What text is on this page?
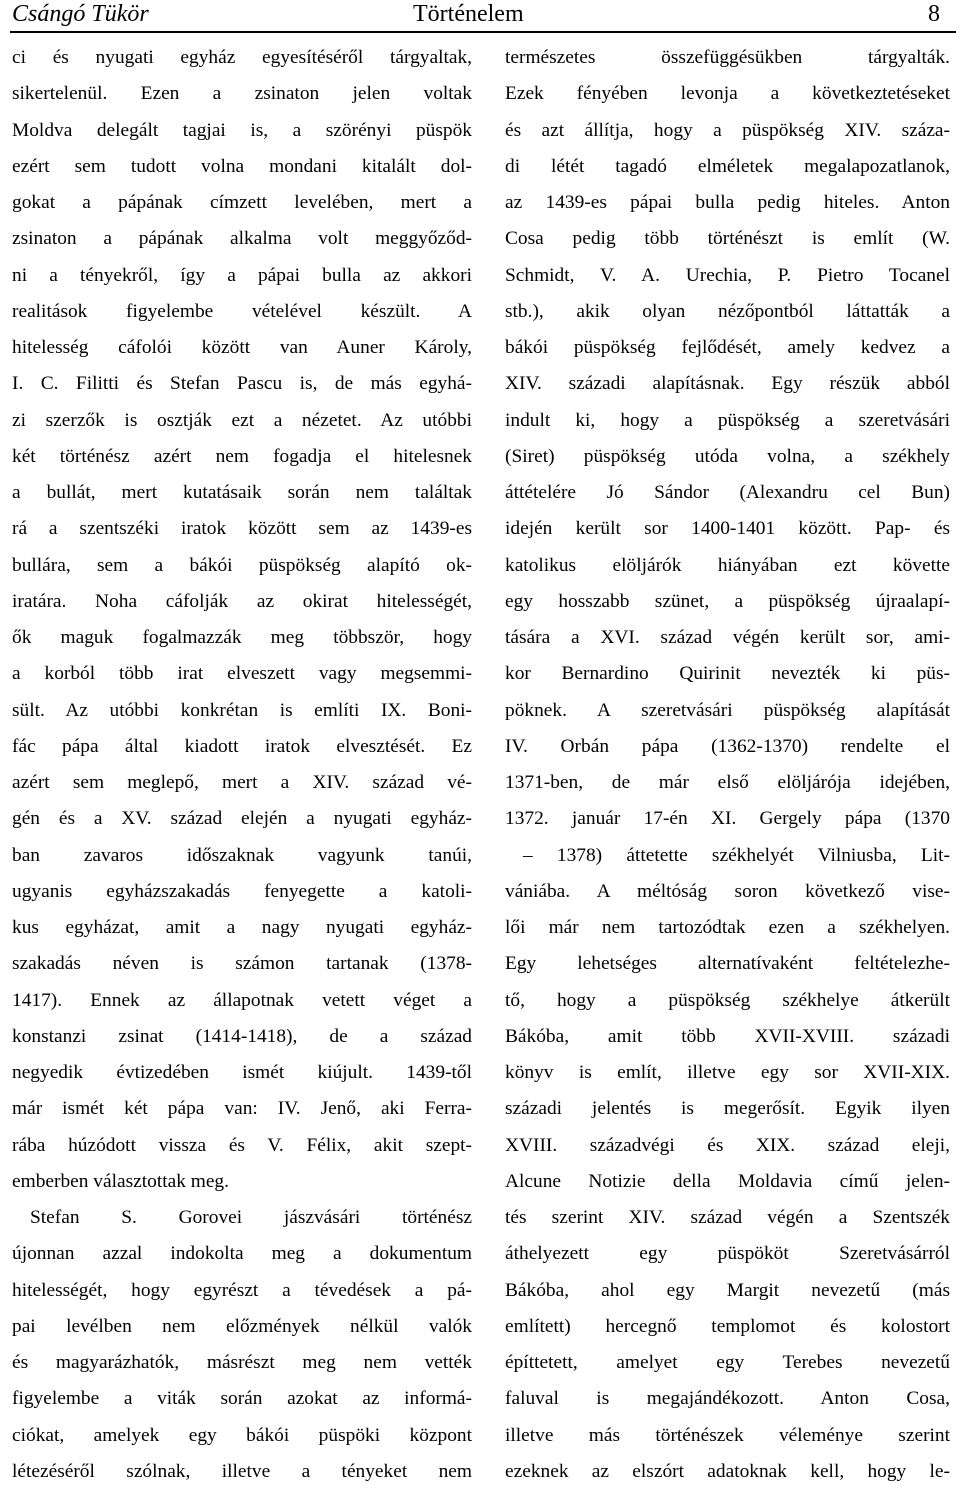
Csángó Tükör	Történelem	8
ci és nyugati egyház egyesítéséről tárgyaltak,
sikertelenül. Ezen a zsinaton jelen voltak
Moldva delegált tagjai is, a szörényi püspök
ezért sem tudott volna mondani kitalált dol-
gokat a pápának címzett levelében, mert a
zsinaton a pápának alkalma volt meggyőződ-
ni a tényekről, így a pápai bulla az akkori
realitások figyelembe vételével készült. A
hitelesség cáfolói között van Auner Károly,
I. C. Filitti és Stefan Pascu is, de más egyhá-
zi szerzők is osztják ezt a nézetet. Az utóbbi
két történész azért nem fogadja el hitelesnek
a bullát, mert kutatásaik során nem találtak
rá a szentszéki iratok között sem az 1439-es
bullára, sem a bákói püspökség alapító ok-
iratára. Noha cáfolják az okirat hitelességét,
ők maguk fogalmazzák meg többször, hogy
a korból több irat elveszett vagy megsemmi-
sült. Az utóbbi konkrétan is említi IX. Boni-
fác pápa által kiadott iratok elvesztését. Ez
azért sem meglepő, mert a XIV. század vé-
gén és a XV. század elején a nyugati egyház-
ban zavaros időszaknak vagyunk tanúi,
ugyanis egyházszakadás fenyegette a katoli-
kus egyházat, amit a nagy nyugati egyház-
szakadás néven is számon tartanak (1378-
1417). Ennek az állapotnak vetett véget a
konstanzi zsinat (1414-1418), de a század
negyedik évtizedében ismét kiújult. 1439-től
már ismét két pápa van: IV. Jenő, aki Ferra-
rába húzódott vissza és V. Félix, akit szept-
emberben választottak meg.
Stefan S. Gorovei jászvásári történész
újonnan azzal indokolta meg a dokumentum
hitelességét, hogy egyrészt a tévedések a pá-
pai levélben nem előzmények nélkül valók
és magyarázhatók, másrészt meg nem vették
figyelembe a viták során azokat az informá-
ciókat, amelyek egy bákói püspöki központ
létezéséről szólnak, illetve a tényeket nem
természetes összefüggésükben tárgyalták.
Ezek fényében levonja a következtetéseket
és azt állítja, hogy a püspökség XIV. száza-
di létét tagadó elméletek megalapozatlanok,
az 1439-es pápai bulla pedig hiteles. Anton
Cosa pedig több történészt is említ (W.
Schmidt, V. A. Urechia, P. Pietro Tocanel
stb.), akik olyan nézőpontból láttatták a
bákói püspökség fejlődését, amely kedvez a
XIV. századi alapításnak. Egy részük abból
indult ki, hogy a püspökség a szeretvásári
(Siret) püspökség utóda volna, a székhely
áttételére Jó Sándor (Alexandru cel Bun)
idején került sor 1400-1401 között. Pap- és
katolikus elöljárók hiányában ezt követte
egy hosszabb szünet, a püspökség újraalapí-
tására a XVI. század végén került sor, ami-
kor Bernardino Quirinit nevezték ki püs-
pöknek. A szeretvásári püspökség alapítását
IV. Orbán pápa (1362-1370) rendelte el
1371-ben, de már első elöljárója idejében,
1372. január 17-én XI. Gergely pápa (1370
– 1378) áttetette székhelyét Vilniusba, Lit-
vániába. A méltóság soron következő vise-
lői már nem tartozódtak ezen a székhelyen.
Egy lehetséges alternatívaként feltételezhe-
tő, hogy a püspökség székhelye átkerült
Bákóba, amit több XVII-XVIII. századi
könyv is említ, illetve egy sor XVII-XIX.
századi jelentés is megerősít. Egyik ilyen
XVIII. századvégi és XIX. század eleji,
Alcune Notizie della Moldavia című jelen-
tés szerint XIV. század végén a Szentszék
áthelyezett egy püspököt Szeretvásárról
Bákóba, ahol egy Margit nevezetű (más
említett) hercegnő templomot és kolostort
építtetett, amelyet egy Terebes nevezetű
faluval is megajándékozott. Anton Cosa,
illetve más történészek véleménye szerint
ezeknek az elszórt adatoknak kell, hogy le-
